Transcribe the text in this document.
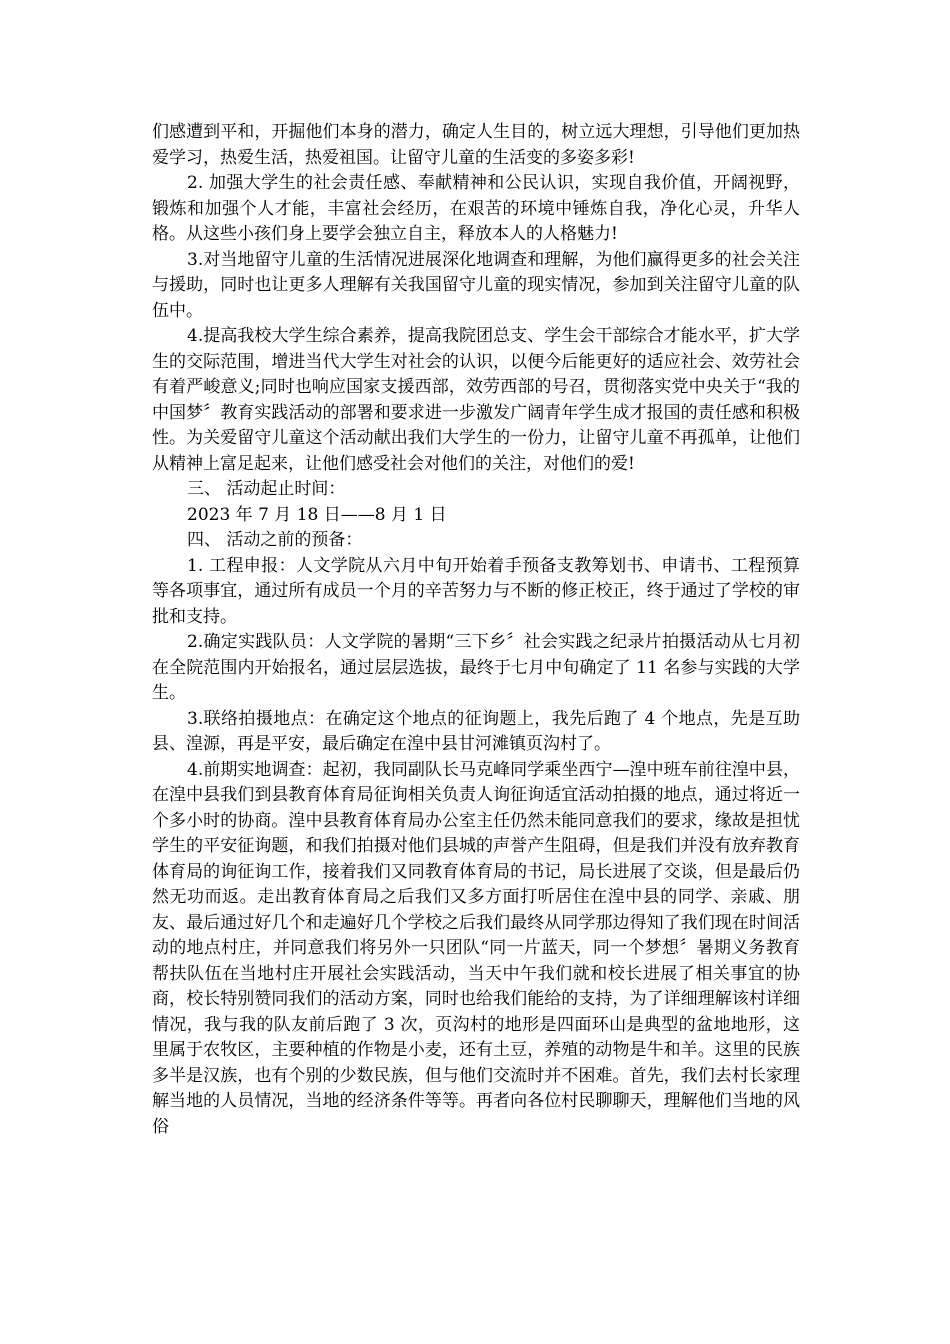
们感遭到平和，开掘他们本身的潜力，确定人生目的，树立远大理想，引导他们更加热爱学习，热爱生活，热爱祖国。让留守儿童的生活变的多姿多彩!

2. 加强大学生的社会责任感、奉献精神和公民认识，实现自我价值，开阔视野，锻炼和加强个人才能，丰富社会经历，在艰苦的环境中锤炼自我，净化心灵，升华人格。从这些小孩们身上要学会独立自主，释放本人的人格魅力!

3.对当地留守儿童的生活情况进展深化地调查和理解，为他们赢得更多的社会关注与援助，同时也让更多人理解有关我国留守儿童的现实情况，参加到关注留守儿童的队伍中。

4.提高我校大学生综合素养，提高我院团总支、学生会干部综合才能水平，扩大学生的交际范围，增进当代大学生对社会的认识，以便今后能更好的适应社会、效劳社会有着严峻意义;同时也响应国家支援西部，效劳西部的号召，贯彻落实党中央关于“我的中国梦〞教育实践活动的部署和要求进一步激发广阔青年学生成才报国的责任感和积极性。为关爱留守儿童这个活动献出我们大学生的一份力，让留守儿童不再孤单，让他们从精神上富足起来，让他们感受社会对他们的关注，对他们的爱!

三、 活动起止时间：

2023 年 7 月 18 日——8 月 1 日

四、 活动之前的预备：

1. 工程申报：人文学院从六月中旬开始着手预备支教筹划书、申请书、工程预算等各项事宜，通过所有成员一个月的辛苦努力与不断的修正校正，终于通过了学校的审批和支持。

2.确定实践队员：人文学院的暑期“三下乡〞社会实践之纪录片拍摄活动从七月初在全院范围内开始报名，通过层层选拔，最终于七月中旬确定了 11 名参与实践的大学生。

3.联络拍摄地点：在确定这个地点的征询题上，我先后跑了 4 个地点，先是互助县、湟源，再是平安，最后确定在湟中县甘河滩镇页沟村了。

4.前期实地调查：起初，我同副队长马克峰同学乘坐西宁—湟中班车前往湟中县，在湟中县我们到县教育体育局征询相关负责人询征询适宜活动拍摄的地点，通过将近一个多小时的协商。湟中县教育体育局办公室主任仍然未能同意我们的要求，缘故是担忧学生的平安征询题，和我们拍摄对他们县城的声誉产生阻碍，但是我们并没有放弃教育体育局的询征询工作，接着我们又同教育体育局的书记，局长进展了交谈，但是最后仍然无功而返。走出教育体育局之后我们又多方面打听居住在湟中县的同学、亲戚、朋友、最后通过好几个和走遍好几个学校之后我们最终从同学那边得知了我们现在时间活动的地点村庄，并同意我们将另外一只团队“同一片蓝天，同一个梦想〞暑期义务教育帮扶队伍在当地村庄开展社会实践活动，当天中午我们就和校长进展了相关事宜的协商，校长特别赞同我们的活动方案，同时也给我们能给的支持，为了详细理解该村详细情况，我与我的队友前后跑了 3 次，页沟村的地形是四面环山是典型的盆地地形，这里属于农牧区，主要种植的作物是小麦，还有土豆，养殖的动物是牛和羊。这里的民族多半是汉族，也有个别的少数民族，但与他们交流时并不困难。首先，我们去村长家理解当地的人员情况，当地的经济条件等等。再者向各位村民聊聊天，理解他们当地的风俗
